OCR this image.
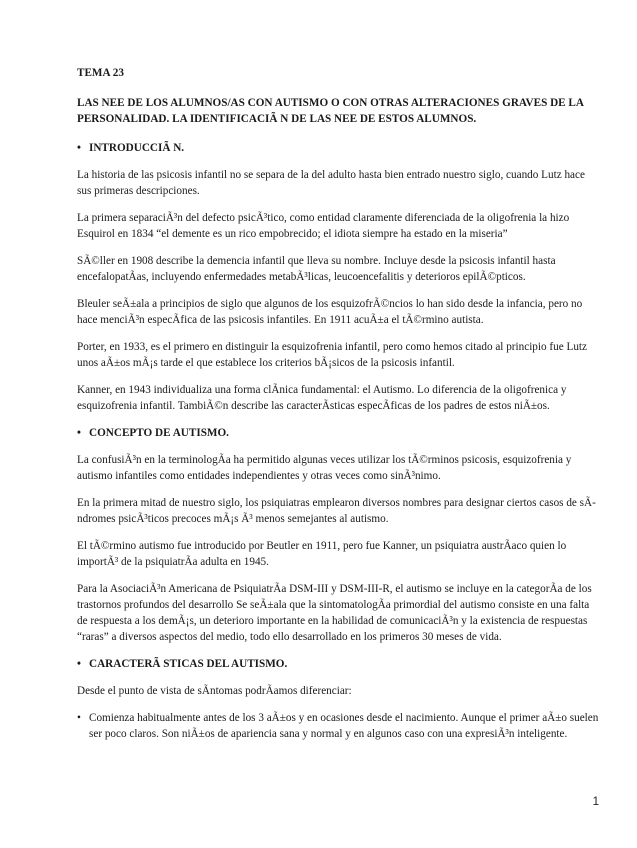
TEMA 23

LAS NEE DE LOS ALUMNOS/AS CON AUTISMO O CON OTRAS ALTERACIONES GRAVES DE LA PERSONALIDAD. LA IDENTIFICACIÃ N DE LAS NEE DE ESTOS ALUMNOS.

• INTRODUCCIÃ N.

La historia de las psicosis infantil no se separa de la del adulto hasta bien entrado nuestro siglo, cuando Lutz hace sus primeras descripciones.

La primera separaciÃ³n del defecto psicÃ³tico, como entidad claramente diferenciada de la oligofrenia la hizo Esquirol en 1834 “el demente es un rico empobrecido; el idiota siempre ha estado en la miseria”

SÃ©ller en 1908 describe la demencia infantil que lleva su nombre. Incluye desde la psicosis infantil hasta encefalopatÃas, incluyendo enfermedades metabÃ³licas, leucoencefalitis y deterioros epilÃ©pticos.

Bleuler seÃ±ala a principios de siglo que algunos de los esquizofrÃ©ncios lo han sido desde la infancia, pero no hace menciÃ³n especÃfica de las psicosis infantiles. En 1911 acuÃ±a el tÃ©rmino autista.

Porter, en 1933, es el primero en distinguir la esquizofrenia infantil, pero como hemos citado al principio fue Lutz unos aÃ±os mÃ¡s tarde el que establece los criterios bÃ¡sicos de la psicosis infantil.

Kanner, en 1943 individualiza una forma clÃnica fundamental: el Autismo. Lo diferencia de la oligofrenica y esquizofrenia infantil. TambiÃ©n describe las caracterÃsticas especÃficas de los padres de estos niÃ±os.

• CONCEPTO DE AUTISMO.

La confusiÃ³n en la terminologÃa ha permitido algunas veces utilizar los tÃ©rminos psicosis, esquizofrenia y autismo infantiles como entidades independientes y otras veces como sinÃ³nimo.

En la primera mitad de nuestro siglo, los psiquiatras emplearon diversos nombres para designar ciertos casos de sÃndromes psicÃ³ticos precoces mÃ¡s Ã³ menos semejantes al autismo.

El tÃ©rmino autismo fue introducido por Beutler en 1911, pero fue Kanner, un psiquiatra austrÃaco quien lo importÃ³ de la psiquiatrÃa adulta en 1945.

Para la AsociaciÃ³n Americana de PsiquiatrÃa DSM-III y DSM-III-R, el autismo se incluye en la categorÃa de los trastornos profundos del desarrollo Se seÃ±ala que la sintomatologÃa primordial del autismo consiste en una falta de respuesta a los demÃ¡s, un deterioro importante en la habilidad de comunicaciÃ³n y la existencia de respuestas “raras” a diversos aspectos del medio, todo ello desarrollado en los primeros 30 meses de vida.

• CARACTERÃ STICAS DEL AUTISMO.

Desde el punto de vista de sÃntomas podrÃamos diferenciar:

• Comienza habitualmente antes de los 3 aÃ±os y en ocasiones desde el nacimiento. Aunque el primer aÃ±o suelen ser poco claros. Son niÃ±os de apariencia sana y normal y en algunos caso con una expresiÃ³n inteligente.
1
